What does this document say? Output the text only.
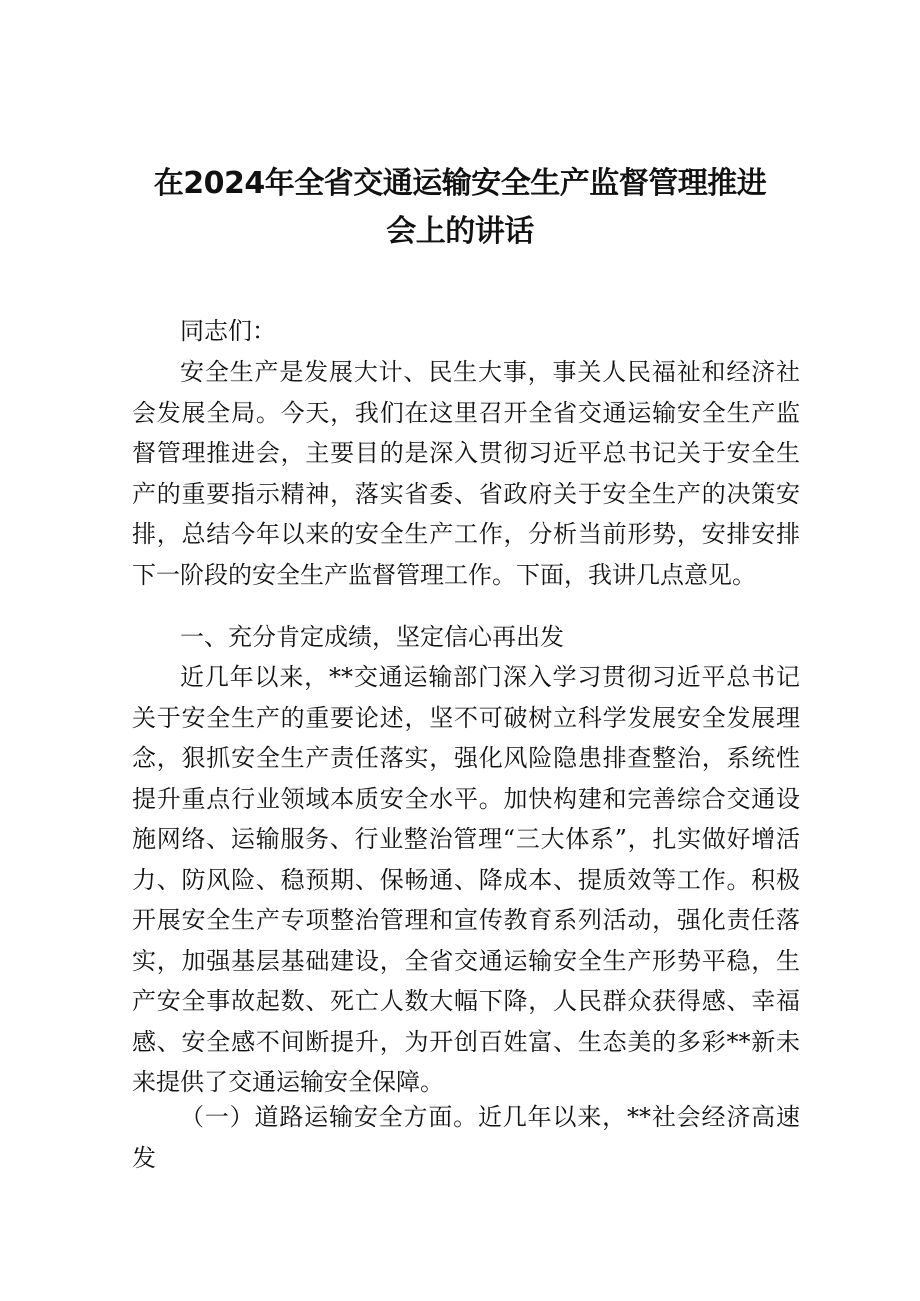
在2024年全省交通运输安全生产监督管理推进
会上的讲话

同志们：

安全生产是发展大计、民生大事，事关人民福祉和经济社会发展全局。今天，我们在这里召开全省交通运输安全生产监督管理推进会，主要目的是深入贯彻习近平总书记关于安全生产的重要指示精神，落实省委、省政府关于安全生产的决策安排，总结今年以来的安全生产工作，分析当前形势，安排安排下一阶段的安全生产监督管理工作。下面，我讲几点意见。

一、充分肯定成绩，坚定信心再出发

近几年以来，**交通运输部门深入学习贯彻习近平总书记关于安全生产的重要论述，坚不可破树立科学发展安全发展理念，狠抓安全生产责任落实，强化风险隐患排查整治，系统性提升重点行业领域本质安全水平。加快构建和完善综合交通设施网络、运输服务、行业整治管理“三大体系”，扎实做好增活力、防风险、稳预期、保畅通、降成本、提质效等工作。积极开展安全生产专项整治管理和宣传教育系列活动，强化责任落实，加强基层基础建设，全省交通运输安全生产形势平稳，生产安全事故起数、死亡人数大幅下降，人民群众获得感、幸福感、安全感不间断提升，为开创百姓富、生态美的多彩**新未来提供了交通运输安全保障。

（一）道路运输安全方面。近几年以来，**社会经济高速发
